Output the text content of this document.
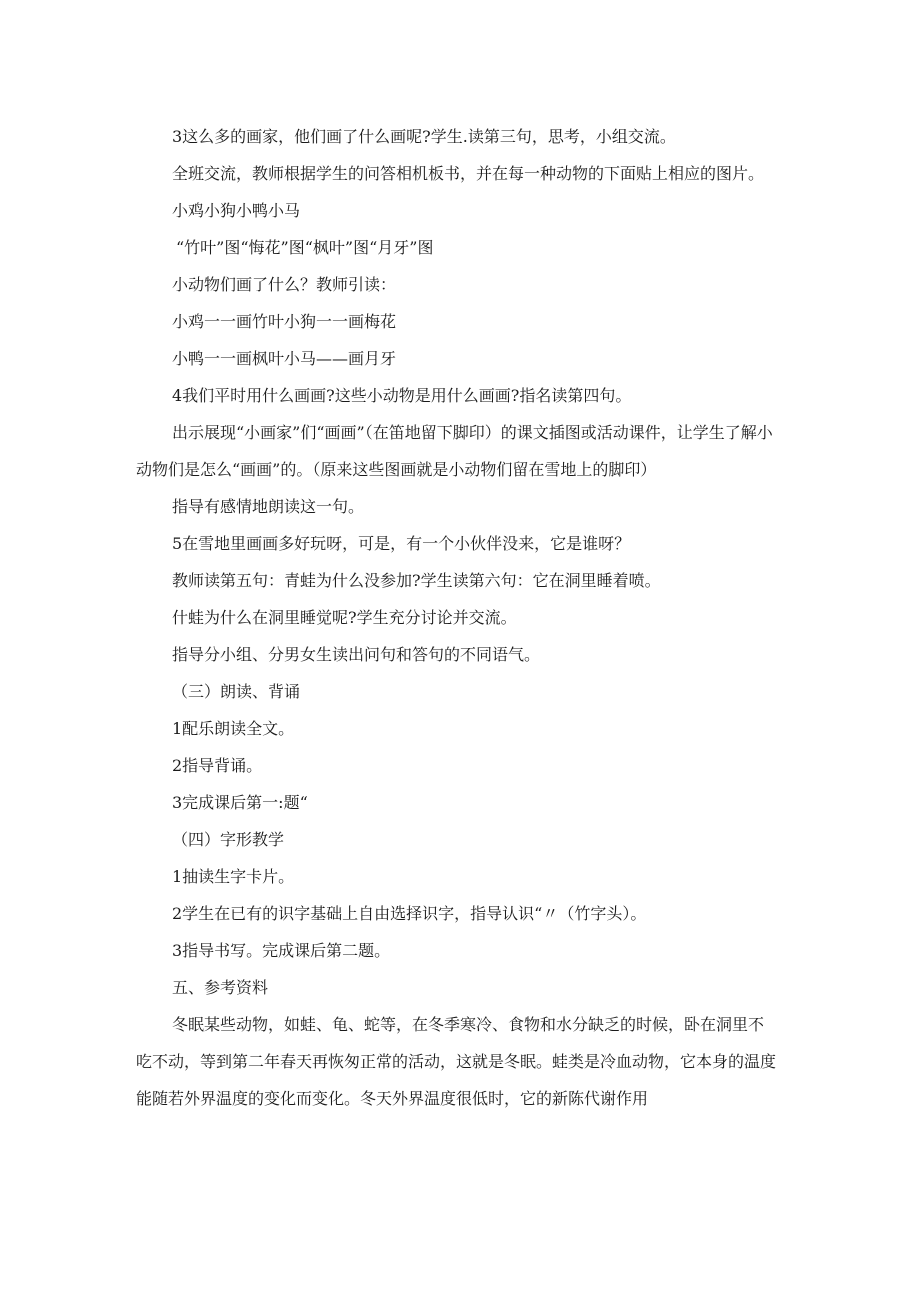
3这么多的画家，他们画了什么画呢?学生.读第三句，思考，小组交流。

全班交流，教师根据学生的问答相机板书，并在每一种动物的下面贴上相应的图片。

小鸡小狗小鸭小马

“竹叶”图“悔花”图“枫叶”图“月牙”图

小动物们画了什么？教师引读：

小鸡一一画竹叶小狗一一画梅花

小鸭一一画枫叶小马——画月牙

4我们平时用什么画画?这些小动物是用什么画画?指名读第四句。

出示展现“小画家”们“画画”（在笛地留下脚印）的课文插图或活动课件，让学生了解小动物们是怎么“画画”的。（原来这些图画就是小动物们留在雪地上的脚印）

指导有感情地朗读这一句。

5在雪地里画画多好玩呀，可是，有一个小伙伴没来，它是谁呀？

教师读第五句：青蛙为什么没参加?学生读第六句：它在洞里睡着喷。

什蛙为什么在洞里睡觉呢?学生充分讨论并交流。

指导分小组、分男女生读出问句和答句的不同语气。

（三）朗读、背诵

1配乐朗读全文。

2指导背诵。

3完成课后第一:题“

（四）字形教学

1抽读生字卡片。

2学生在已有的识字基础上自由选择识字，指导认识“〃（竹字头）。

3指导书写。完成课后第二题。

五、参考资料

冬眠某些动物，如蛙、龟、蛇等，在冬季寒冷、食物和水分缺乏的时候，卧在洞里不吃不动，等到第二年春天再恢匆正常的活动，这就是冬眠。蛙类是冷血动物，它本身的温度能随若外界温度的变化而变化。冬天外界温度很低时，它的新陈代谢作用
